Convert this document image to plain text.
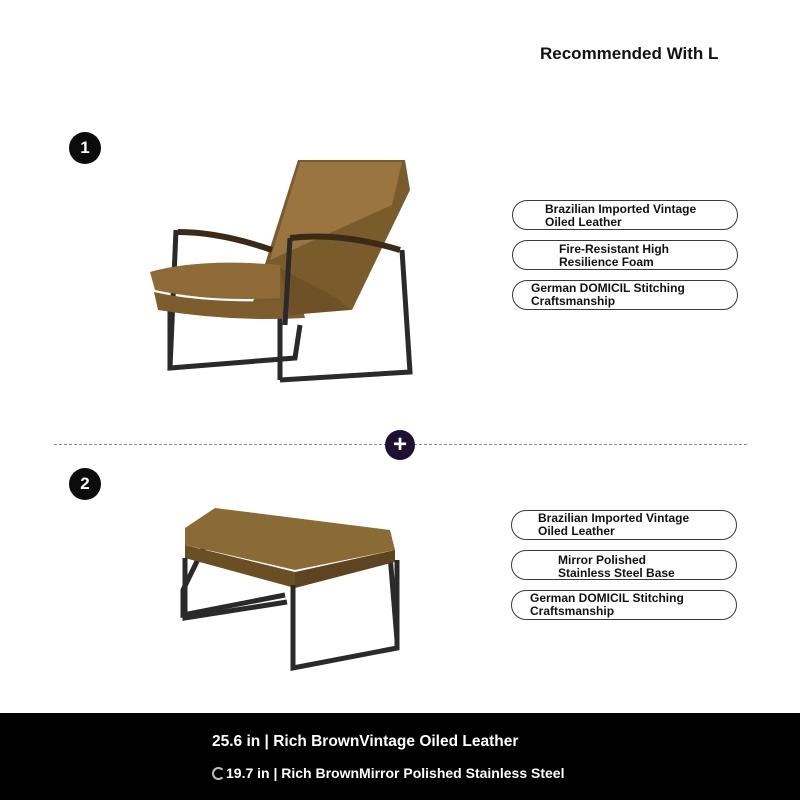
Recommended With L
1
Brazilian Imported Vintage
Oiled Leather
Fire-Resistant High
Resilience Foam
German DOMICIL Stitching
Craftsmanship
+
2
Brazilian Imported Vintage
Oiled Leather
Mirror Polished
Stainless Steel Base
German DOMICIL Stitching
Craftsmanship
25.6 in | Rich BrownVintage Oiled Leather
19.7 in | Rich BrownMirror Polished Stainless Steel
